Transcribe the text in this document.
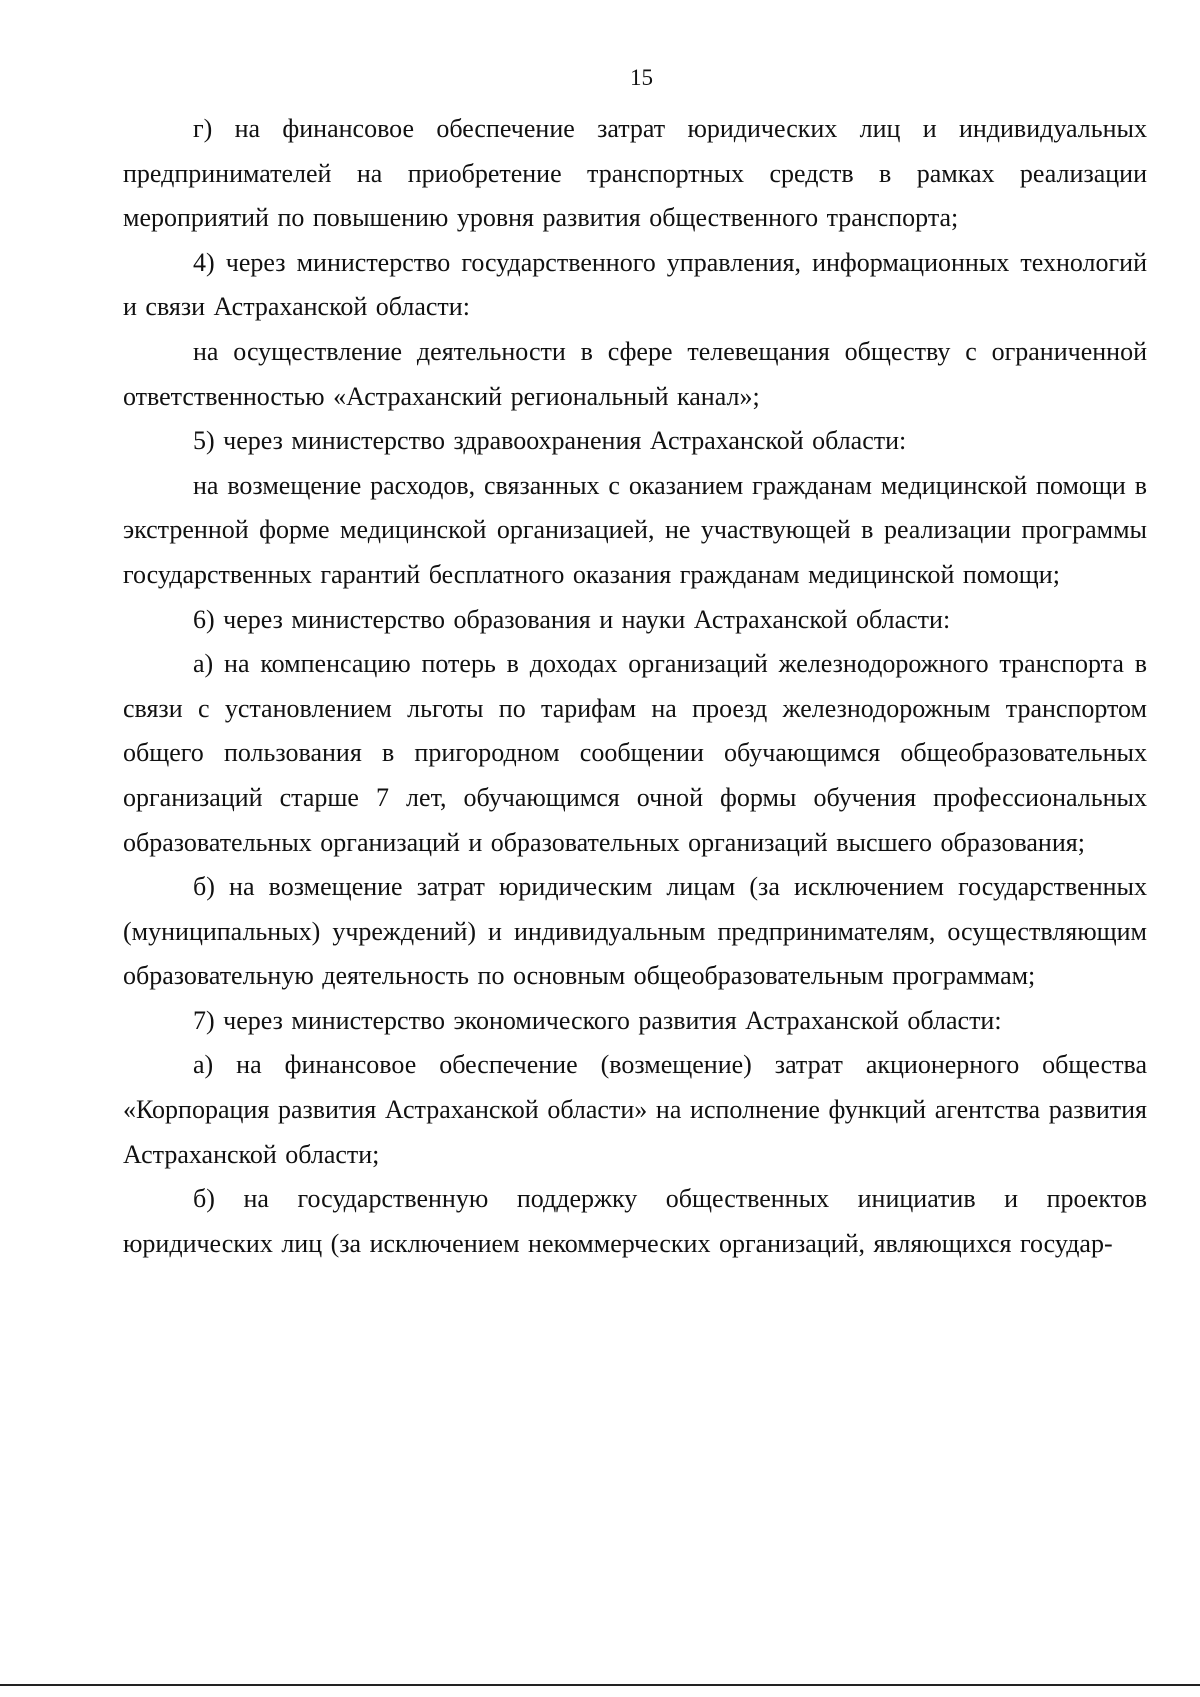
15

г) на финансовое обеспечение затрат юридических лиц и индивидуальных предпринимателей на приобретение транспортных средств в рамках реализации мероприятий по повышению уровня развития общественного транспорта;

4) через министерство государственного управления, информационных технологий и связи Астраханской области:

на осуществление деятельности в сфере телевещания обществу с ограниченной ответственностью «Астраханский региональный канал»;

5) через министерство здравоохранения Астраханской области:

на возмещение расходов, связанных с оказанием гражданам медицинской помощи в экстренной форме медицинской организацией, не участвующей в реализации программы государственных гарантий бесплатного оказания гражданам медицинской помощи;

6) через министерство образования и науки Астраханской области:

а) на компенсацию потерь в доходах организаций железнодорожного транспорта в связи с установлением льготы по тарифам на проезд железнодорожным транспортом общего пользования в пригородном сообщении обучающимся общеобразовательных организаций старше 7 лет, обучающимся очной формы обучения профессиональных образовательных организаций и образовательных организаций высшего образования;

б) на возмещение затрат юридическим лицам (за исключением государственных (муниципальных) учреждений) и индивидуальным предпринимателям, осуществляющим образовательную деятельность по основным общеобразовательным программам;

7) через министерство экономического развития Астраханской области:

а) на финансовое обеспечение (возмещение) затрат акционерного общества «Корпорация развития Астраханской области» на исполнение функций агентства развития Астраханской области;

б) на государственную поддержку общественных инициатив и проектов юридических лиц (за исключением некоммерческих организаций, являющихся государ-
